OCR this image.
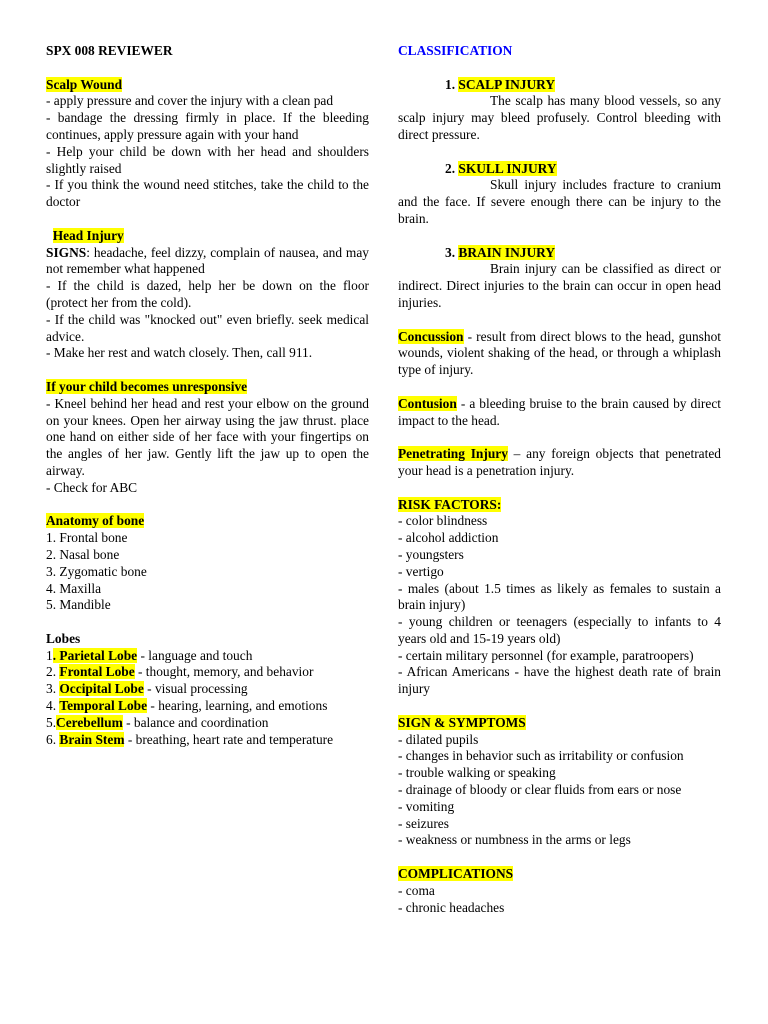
SPX 008 REVIEWER

Scalp Wound

- apply pressure and cover the injury with a clean pad

- bandage the dressing firmly in place. If the bleeding continues, apply pressure again with your hand

- Help your child be down with her head and shoulders slightly raised

- If you think the wound need stitches, take the child to the doctor

Head Injury

SIGNS: headache, feel dizzy, complain of nausea, and may not remember what happened

- If the child is dazed, help her be down on the floor (protect her from the cold).

- If the child was "knocked out" even briefly. seek medical advice.

- Make her rest and watch closely. Then, call 911.

If your child becomes unresponsive

- Kneel behind her head and rest your elbow on the ground on your knees. Open her airway using the jaw thrust. place one hand on either side of her face with your fingertips on the angles of her jaw. Gently lift the jaw up to open the airway.

- Check for ABC

Anatomy of bone

1. Frontal bone

2. Nasal bone

3. Zygomatic bone

4. Maxilla

5. Mandible

Lobes

1. Parietal Lobe - language and touch

2. Frontal Lobe - thought, memory, and behavior

3. Occipital Lobe - visual processing

4. Temporal Lobe - hearing, learning, and emotions

5.Cerebellum - balance and coordination

6. Brain Stem - breathing, heart rate and temperature

CLASSIFICATION

1. SCALP INJURY

The scalp has many blood vessels, so any scalp injury may bleed profusely. Control bleeding with direct pressure.

2. SKULL INJURY

Skull injury includes fracture to cranium and the face. If severe enough there can be injury to the brain.

3. BRAIN INJURY

Brain injury can be classified as direct or indirect. Direct injuries to the brain can occur in open head injuries.

Concussion - result from direct blows to the head, gunshot wounds, violent shaking of the head, or through a whiplash type of injury.

Contusion - a bleeding bruise to the brain caused by direct impact to the head.

Penetrating Injury – any foreign objects that penetrated your head is a penetration injury.

RISK FACTORS:

- color blindness

- alcohol addiction

- youngsters

- vertigo

- males (about 1.5 times as likely as females to sustain a brain injury)

- young children or teenagers (especially to infants to 4 years old and 15-19 years old)

- certain military personnel (for example, paratroopers)

- African Americans - have the highest death rate of brain injury

SIGN & SYMPTOMS

- dilated pupils

- changes in behavior such as irritability or confusion

- trouble walking or speaking

- drainage of bloody or clear fluids from ears or nose

- vomiting

- seizures

- weakness or numbness in the arms or legs

COMPLICATIONS

- coma

- chronic headaches
